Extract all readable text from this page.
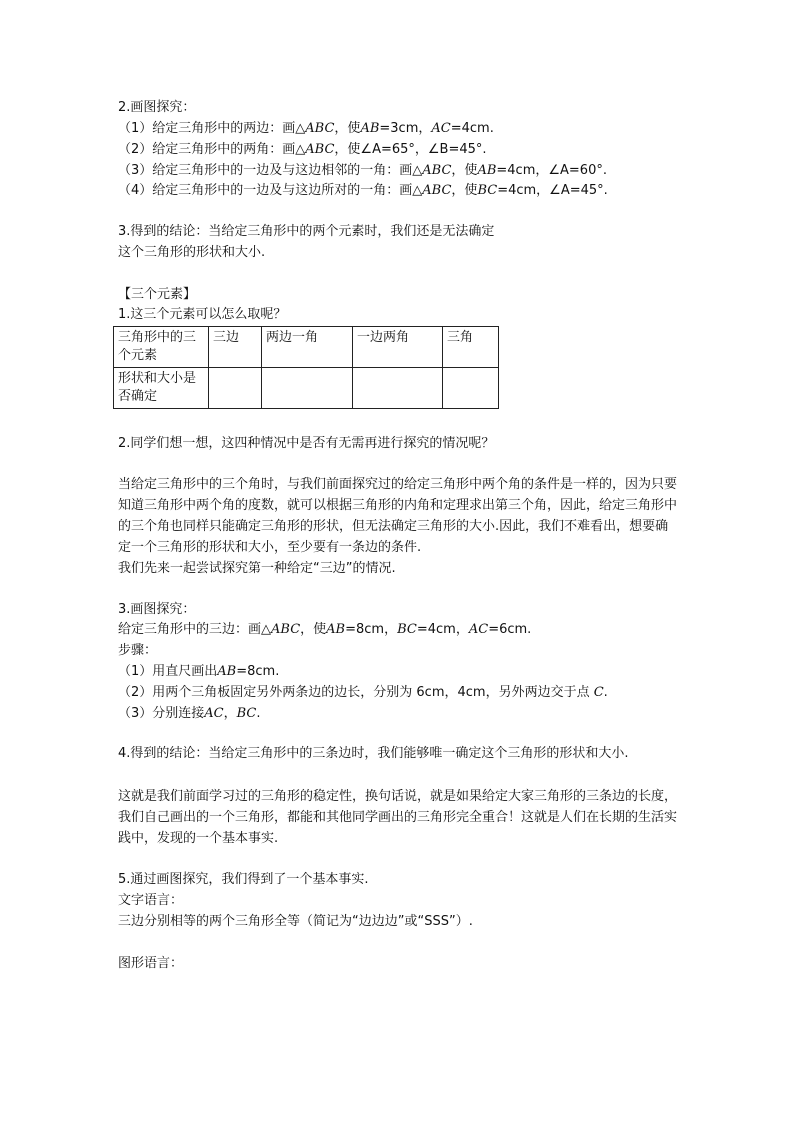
2.画图探究：
（1）给定三角形中的两边：画△ABC，使AB=3cm，AC=4cm.
（2）给定三角形中的两角：画△ABC，使∠A=65°，∠B=45°.
（3）给定三角形中的一边及与这边相邻的一角：画△ABC，使AB=4cm，∠A=60°.
（4）给定三角形中的一边及与这边所对的一角：画△ABC，使BC=4cm，∠A=45°.
3.得到的结论：当给定三角形中的两个元素时，我们还是无法确定
这个三角形的形状和大小.
【三个元素】
1.这三个元素可以怎么取呢？
三角形中的三个元素	三边	两边一角	一边两角	三角
形状和大小是否确定				
2.同学们想一想，这四种情况中是否有无需再进行探究的情况呢？
当给定三角形中的三个角时，与我们前面探究过的给定三角形中两个角的条件是一样的，因为只要知道三角形中两个角的度数，就可以根据三角形的内角和定理求出第三个角，因此，给定三角形中的三个角也同样只能确定三角形的形状，但无法确定三角形的大小.因此，我们不难看出，想要确定一个三角形的形状和大小，至少要有一条边的条件.
我们先来一起尝试探究第一种给定“三边”的情况.
3.画图探究：
给定三角形中的三边：画△ABC，使AB=8cm，BC=4cm，AC=6cm.
步骤：
（1）用直尺画出AB=8cm.
（2）用两个三角板固定另外两条边的边长，分别为 6cm，4cm，另外两边交于点 C.
（3）分别连接AC，BC.
4.得到的结论：当给定三角形中的三条边时，我们能够唯一确定这个三角形的形状和大小.
这就是我们前面学习过的三角形的稳定性，换句话说，就是如果给定大家三角形的三条边的长度，我们自己画出的一个三角形，都能和其他同学画出的三角形完全重合！这就是人们在长期的生活实践中，发现的一个基本事实.
5.通过画图探究，我们得到了一个基本事实.
文字语言：
三边分别相等的两个三角形全等（简记为“边边边”或“SSS”）.
图形语言：
